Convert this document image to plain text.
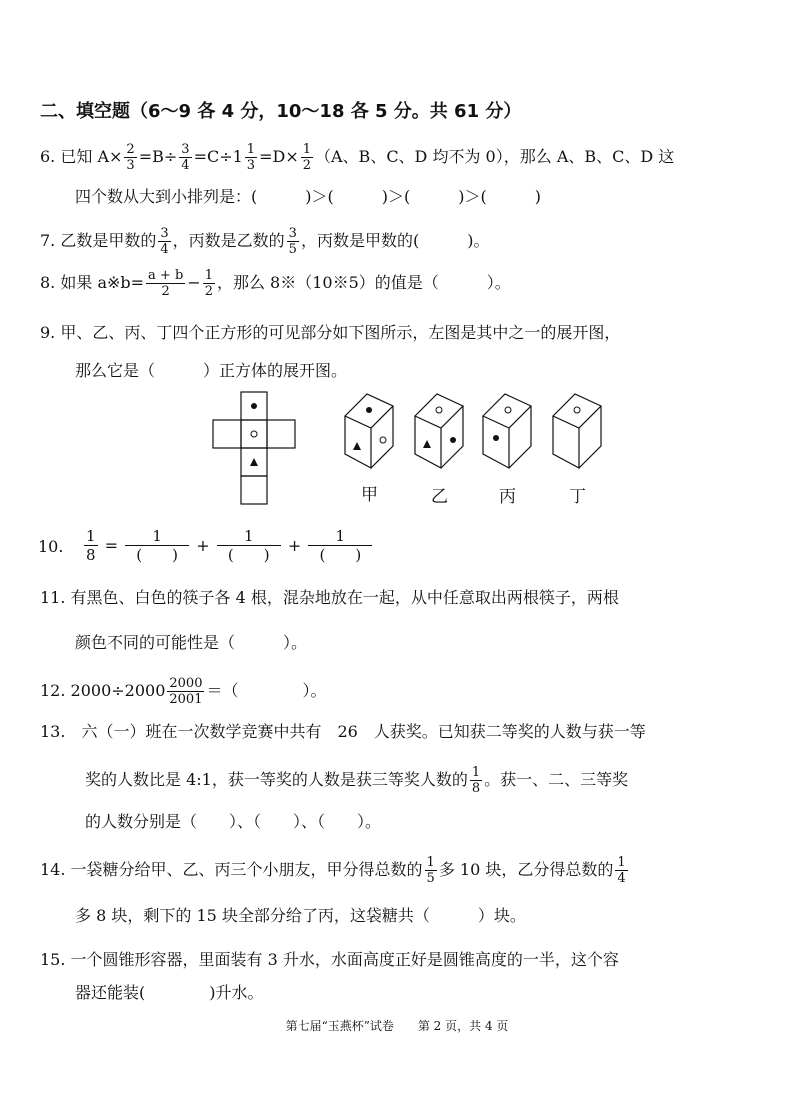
二、填空题（6～9 各 4 分，10～18 各 5 分。共 61 分）
6. 已知 $A\times \frac{2}{3} =B\div \frac{3}{4} =C\div 1 \frac{1}{3} =D\times \frac{1}{2} (A$、B、C、D 均不为 0），那么 A、B、C、D 这
四个数从大到小排列是：(　　　)＞(　　　)＞(　　　)＞(　　　)
7. 乙数是甲数的 $\frac{3}{4}$ ，丙数是乙数的 $\frac{3}{5}$ ，丙数是甲数的(　　　)。
8. 如果 a※b= $\frac{a + b}{2} - \frac{1}{2}$ ，那么 8※（10※5）的值是（　　　）。
9. 甲、乙、丙、丁四个正方形的可见部分如下图所示，左图是其中之一的展开图，
那么它是（　　　）正方体的展开图。
甲	乙	丙	丁
10. $\frac{1}{8}$ =	1
(　　)
+	1
(　　)
+	1
(　　)
11. 有黑色、白色的筷子各 4 根，混杂地放在一起，从中任意取出两根筷子，两根
颜色不同的可能性是（　　　）。
12. $2000\div 2000 \frac{2000}{2001}$ ＝（　　　　）。
13.　六（一）班在一次数学竞赛中共有　26　人获奖。已知获二等奖的人数与获一等
奖的人数比是 4:1，获一等奖的人数是获三等奖人数的 $\frac{1}{8}$ 。获一、二、三等奖
的人数分别是（　　）、（　　）、（　　）。
14. 一袋糖分给甲、乙、丙三个小朋友，甲分得总数的 $\frac{1}{5}$ 多 10 块，乙分得总数的 $\frac{1}{4}$
多 8 块，剩下的 15 块全部分给了丙，这袋糖共（　　　）块。
15. 一个圆锥形容器，里面装有 3 升水，水面高度正好是圆锥高度的一半，这个容
器还能装(　　　　)升水。
第七届“玉燕杯”试卷　　第 2 页，共 4 页
